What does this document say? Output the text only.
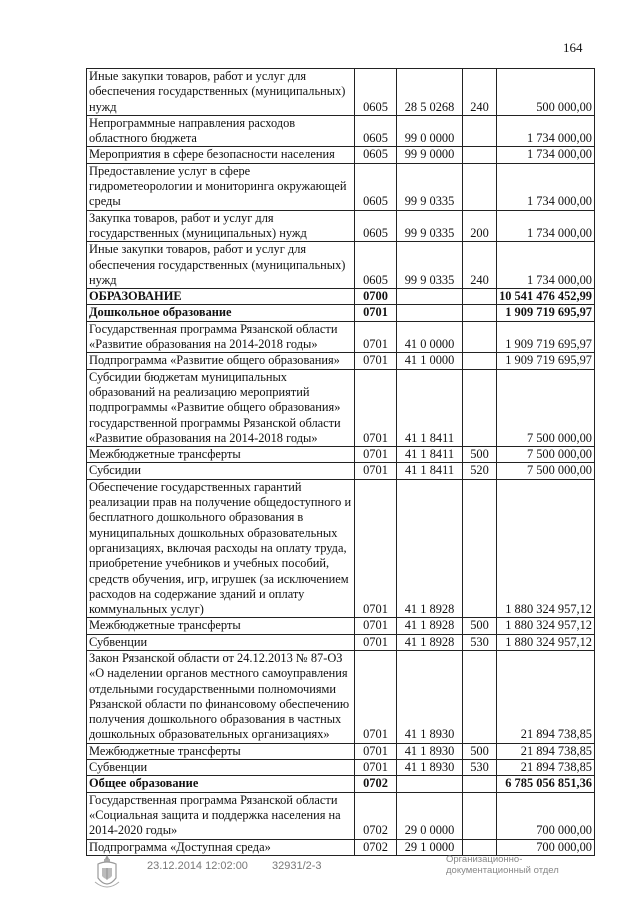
164
Иные закупки товаров, работ и услуг для обеспечения государственных (муниципальных) нужд	0605	28 5 0268	240	500 000,00
Непрограммные направления расходов областного бюджета	0605	99 0 0000		1 734 000,00
Мероприятия в сфере безопасности населения	0605	99 9 0000		1 734 000,00
Предоставление услуг в сфере гидрометеорологии и мониторинга окружающей среды	0605	99 9 0335		1 734 000,00
Закупка товаров, работ и услуг для государственных (муниципальных) нужд	0605	99 9 0335	200	1 734 000,00
Иные закупки товаров, работ и услуг для обеспечения государственных (муниципальных) нужд	0605	99 9 0335	240	1 734 000,00
ОБРАЗОВАНИЕ	0700			10 541 476 452,99
Дошкольное образование	0701			1 909 719 695,97
Государственная программа Рязанской области «Развитие образования на 2014-2018 годы»	0701	41 0 0000		1 909 719 695,97
Подпрограмма «Развитие общего образования»	0701	41 1 0000		1 909 719 695,97
Субсидии бюджетам муниципальных образований на реализацию мероприятий подпрограммы «Развитие общего образования» государственной программы Рязанской области «Развитие образования на 2014-2018 годы»	0701	41 1 8411		7 500 000,00
Межбюджетные трансферты	0701	41 1 8411	500	7 500 000,00
Субсидии	0701	41 1 8411	520	7 500 000,00
Обеспечение государственных гарантий реализации прав на получение общедоступного и бесплатного дошкольного образования в муниципальных дошкольных образовательных организациях, включая расходы на оплату труда, приобретение учебников и учебных пособий, средств обучения, игр, игрушек (за исключением расходов на содержание зданий и оплату коммунальных услуг)	0701	41 1 8928		1 880 324 957,12
Межбюджетные трансферты	0701	41 1 8928	500	1 880 324 957,12
Субвенции	0701	41 1 8928	530	1 880 324 957,12
Закон Рязанской области от 24.12.2013 № 87-ОЗ «О наделении органов местного самоуправления отдельными государственными полномочиями Рязанской области по финансовому обеспечению получения дошкольного образования в частных дошкольных образовательных организациях»	0701	41 1 8930		21 894 738,85
Межбюджетные трансферты	0701	41 1 8930	500	21 894 738,85
Субвенции	0701	41 1 8930	530	21 894 738,85
Общее образование	0702			6 785 056 851,36
Государственная программа Рязанской области «Социальная защита и поддержка населения на 2014-2020 годы»	0702	29 0 0000		700 000,00
Подпрограмма «Доступная среда»	0702	29 1 0000		700 000,00
23.12.2014 12:02:00 32931/2-3
Организационно-
документационный отдел
